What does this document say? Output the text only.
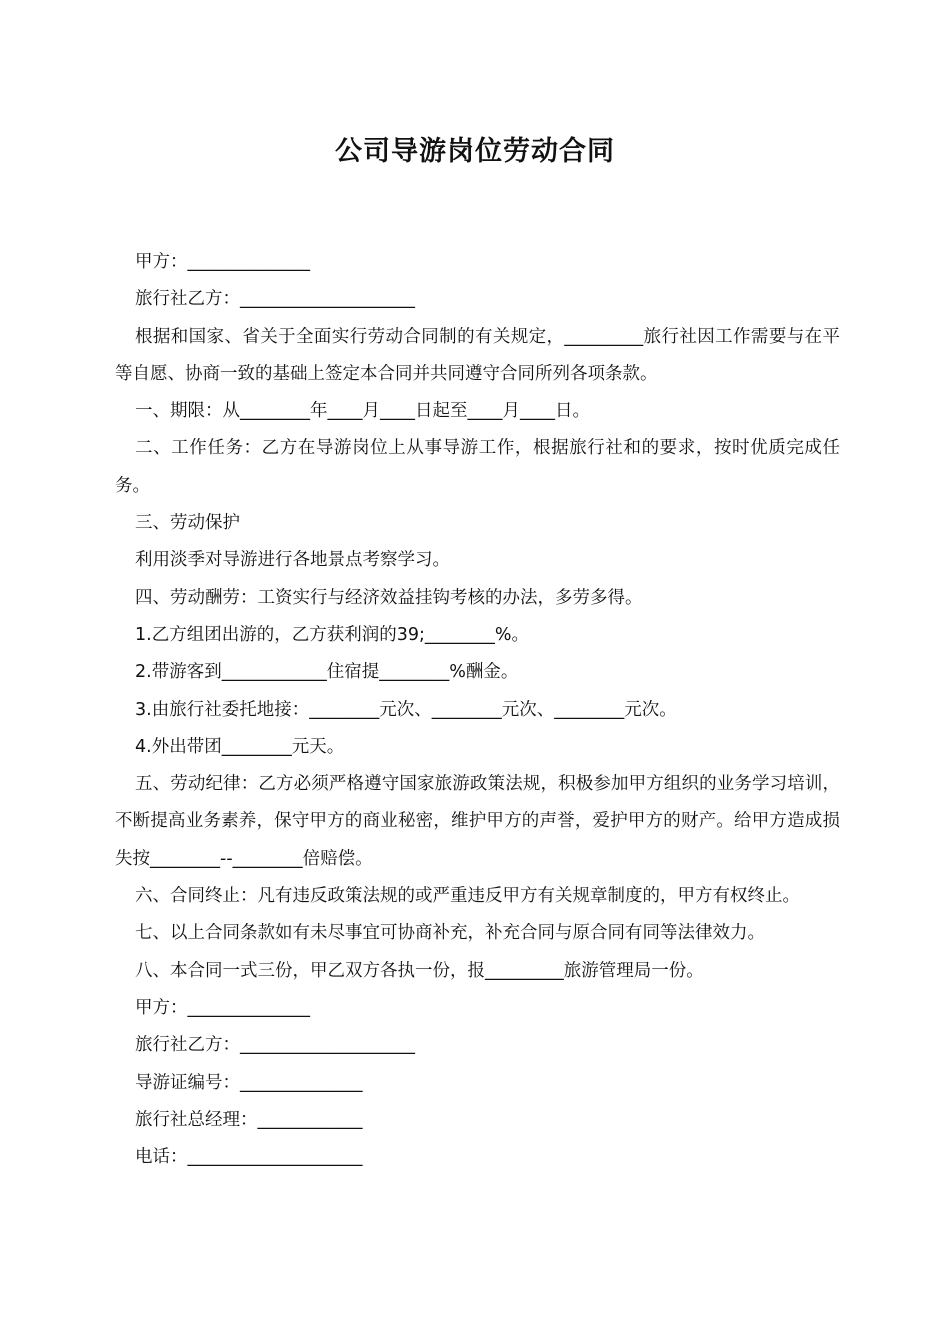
公司导游岗位劳动合同

甲方：______________

旅行社乙方：____________________

根据和国家、省关于全面实行劳动合同制的有关规定，_________旅行社因工作需要与在平等自愿、协商一致的基础上签定本合同并共同遵守合同所列各项条款。

一、期限：从________年____月____日起至____月____日。

二、工作任务：乙方在导游岗位上从事导游工作，根据旅行社和的要求，按时优质完成任务。

三、劳动保护

利用淡季对导游进行各地景点考察学习。

四、劳动酬劳：工资实行与经济效益挂钩考核的办法，多劳多得。

1.乙方组团出游的，乙方获利润的39;________%。

2.带游客到____________住宿提________%酬金。

3.由旅行社委托地接：________元次、________元次、________元次。

4.外出带团________元天。

五、劳动纪律：乙方必须严格遵守国家旅游政策法规，积极参加甲方组织的业务学习培训，不断提高业务素养，保守甲方的商业秘密，维护甲方的声誉，爱护甲方的财产。给甲方造成损失按________--________倍赔偿。

六、合同终止：凡有违反政策法规的或严重违反甲方有关规章制度的，甲方有权终止。

七、以上合同条款如有未尽事宜可协商补充，补充合同与原合同有同等法律效力。

八、本合同一式三份，甲乙双方各执一份，报_________旅游管理局一份。

甲方：______________

旅行社乙方：____________________

导游证编号：______________

旅行社总经理：____________

电话：____________________
